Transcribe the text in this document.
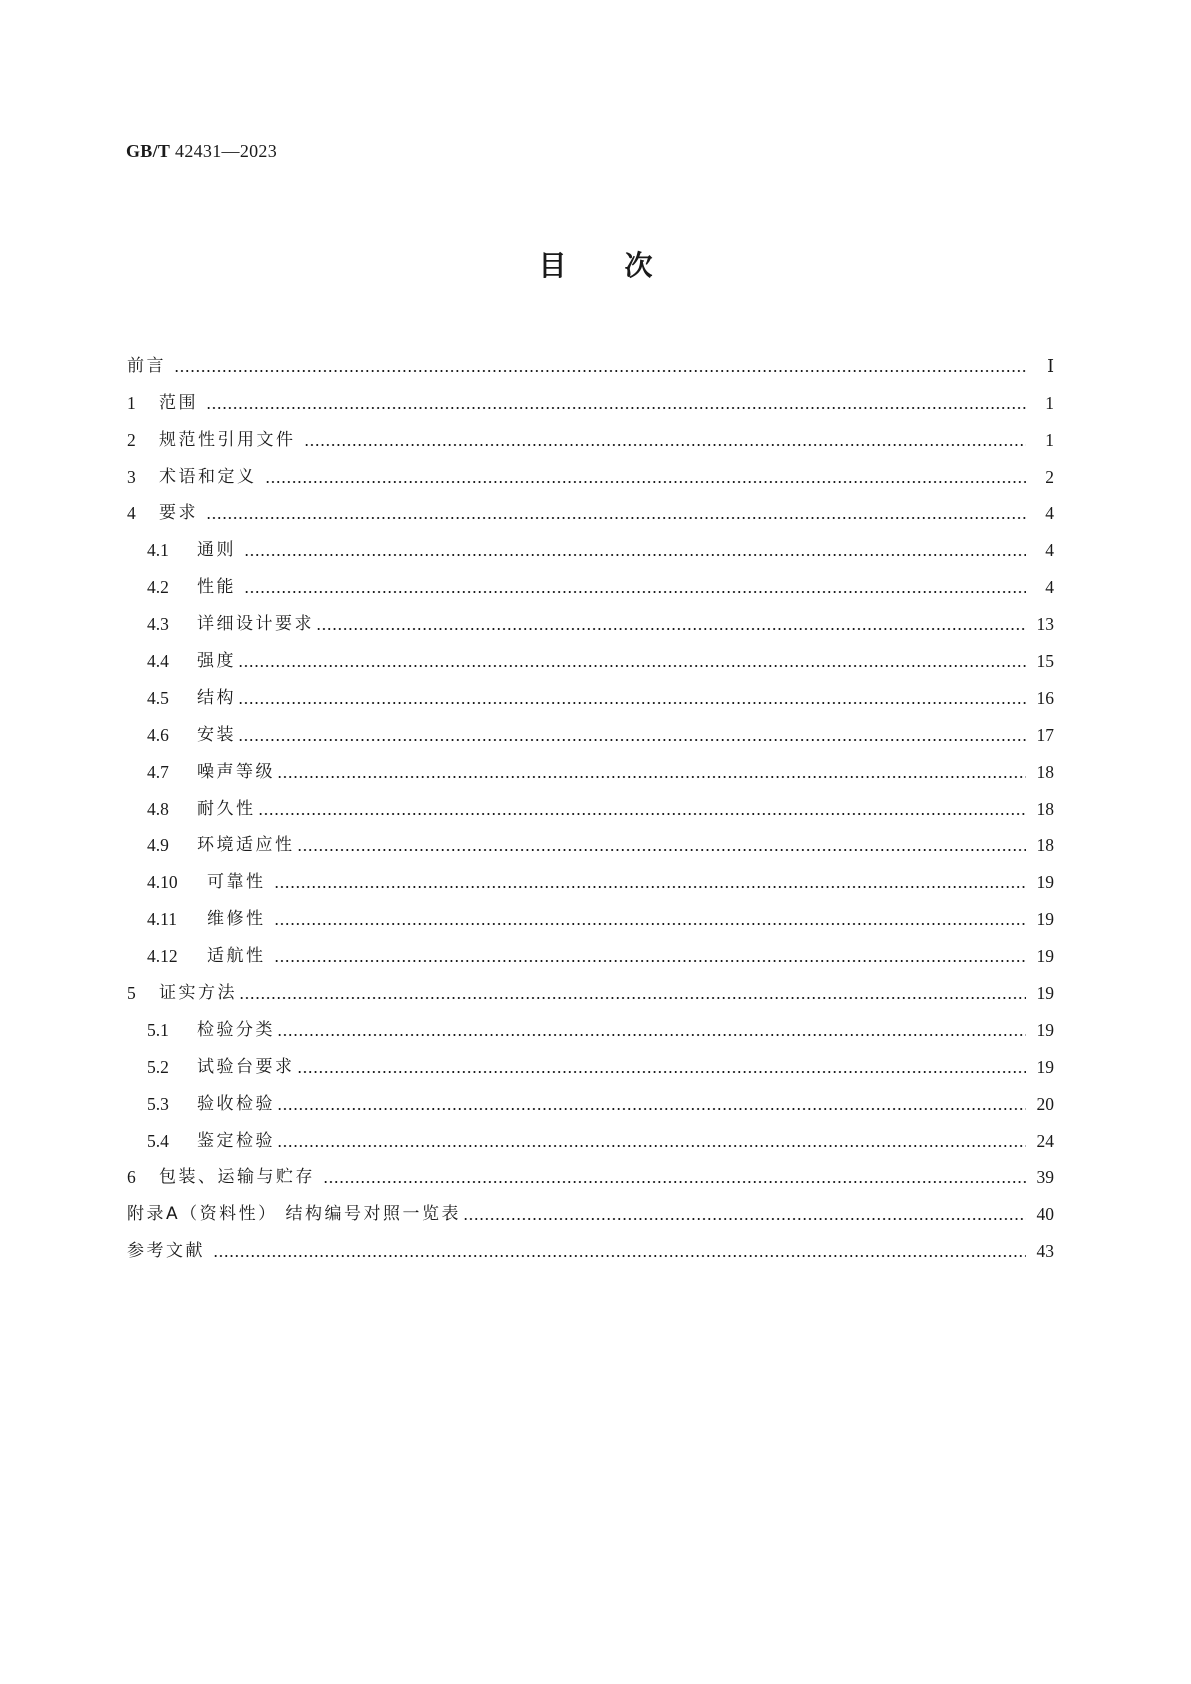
GB/T 42431—2023
目次
前言	Ⅰ
1	范围	1
2	规范性引用文件	1
3	术语和定义	2
4	要求	4
4.1	通则	4
4.2	性能	4
4.3	详细设计要求	13
4.4	强度	15
4.5	结构	16
4.6	安装	17
4.7	噪声等级	18
4.8	耐久性	18
4.9	环境适应性	18
4.10	可靠性	19
4.11	维修性	19
4.12	适航性	19
5	证实方法	19
5.1	检验分类	19
5.2	试验台要求	19
5.3	验收检验	20
5.4	鉴定检验	24
6	包装、运输与贮存	39
附录A（资料性） 结构编号对照一览表	40
参考文献	43
